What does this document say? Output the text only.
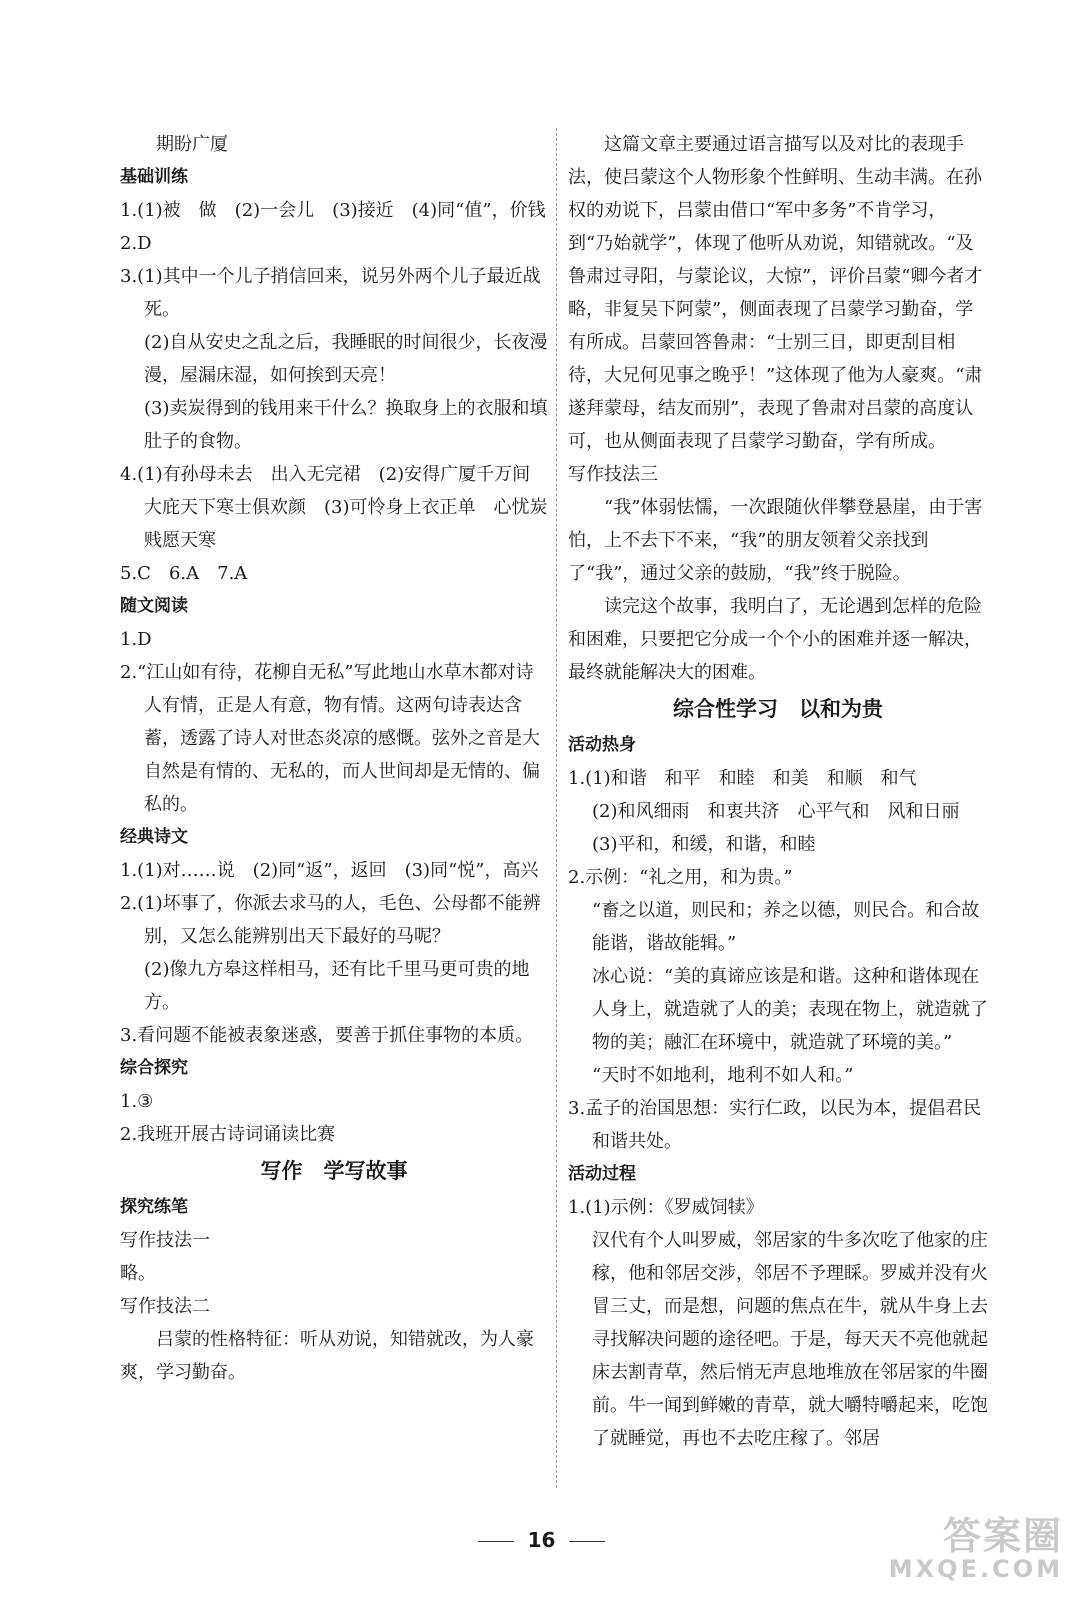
期盼广厦

基础训练

1.(1)被　做　(2)一会儿　(3)接近　(4)同“值”，价钱

2.D

3.(1)其中一个儿子捎信回来，说另外两个儿子最近战死。

(2)自从安史之乱之后，我睡眠的时间很少，长夜漫漫，屋漏床湿，如何挨到天亮！

(3)卖炭得到的钱用来干什么？换取身上的衣服和填肚子的食物。

4.(1)有孙母未去　出入无完裙　(2)安得广厦千万间　大庇天下寒士俱欢颜　(3)可怜身上衣正单　心忧炭贱愿天寒

5.C　6.A　7.A

随文阅读

1.D

2.“江山如有待，花柳自无私”写此地山水草木都对诗人有情，正是人有意，物有情。这两句诗表达含蓄，透露了诗人对世态炎凉的感慨。弦外之音是大自然是有情的、无私的，而人世间却是无情的、偏私的。

经典诗文

1.(1)对……说　(2)同“返”，返回　(3)同“悦”，高兴

2.(1)坏事了，你派去求马的人，毛色、公母都不能辨别，又怎么能辨别出天下最好的马呢？

(2)像九方皋这样相马，还有比千里马更可贵的地方。

3.看问题不能被表象迷惑，要善于抓住事物的本质。

综合探究

1.③

2.我班开展古诗词诵读比赛

写作　学写故事

探究练笔

写作技法一

略。

写作技法二

吕蒙的性格特征：听从劝说，知错就改，为人豪爽，学习勤奋。

这篇文章主要通过语言描写以及对比的表现手法，使吕蒙这个人物形象个性鲜明、生动丰满。在孙权的劝说下，吕蒙由借口“军中多务”不肯学习，到“乃始就学”，体现了他听从劝说，知错就改。“及鲁肃过寻阳，与蒙论议，大惊”，评价吕蒙“卿今者才略，非复吴下阿蒙”，侧面表现了吕蒙学习勤奋，学有所成。吕蒙回答鲁肃：“士别三日，即更刮目相待，大兄何见事之晚乎！”这体现了他为人豪爽。“肃遂拜蒙母，结友而别”，表现了鲁肃对吕蒙的高度认可，也从侧面表现了吕蒙学习勤奋，学有所成。

写作技法三

“我”体弱怯懦，一次跟随伙伴攀登悬崖，由于害怕，上不去下不来，“我”的朋友领着父亲找到了“我”，通过父亲的鼓励，“我”终于脱险。

读完这个故事，我明白了，无论遇到怎样的危险和困难，只要把它分成一个个小的困难并逐一解决，最终就能解决大的困难。

综合性学习　以和为贵

活动热身

1.(1)和谐　和平　和睦　和美　和顺　和气

(2)和风细雨　和衷共济　心平气和　风和日丽

(3)平和，和缓，和谐，和睦

2.示例：“礼之用，和为贵。”

“畜之以道，则民和；养之以德，则民合。和合故能谐，谐故能辑。”

冰心说：“美的真谛应该是和谐。这种和谐体现在人身上，就造就了人的美；表现在物上，就造就了物的美；融汇在环境中，就造就了环境的美。”

“天时不如地利，地利不如人和。”

3.孟子的治国思想：实行仁政，以民为本，提倡君民和谐共处。

活动过程

1.(1)示例：《罗威饲犊》

汉代有个人叫罗威，邻居家的牛多次吃了他家的庄稼，他和邻居交涉，邻居不予理睬。罗威并没有火冒三丈，而是想，问题的焦点在牛，就从牛身上去寻找解决问题的途径吧。于是，每天天不亮他就起床去割青草，然后悄无声息地堆放在邻居家的牛圈前。牛一闻到鲜嫩的青草，就大嚼特嚼起来，吃饱了就睡觉，再也不去吃庄稼了。邻居

16	答案圈
MXQE.COM
